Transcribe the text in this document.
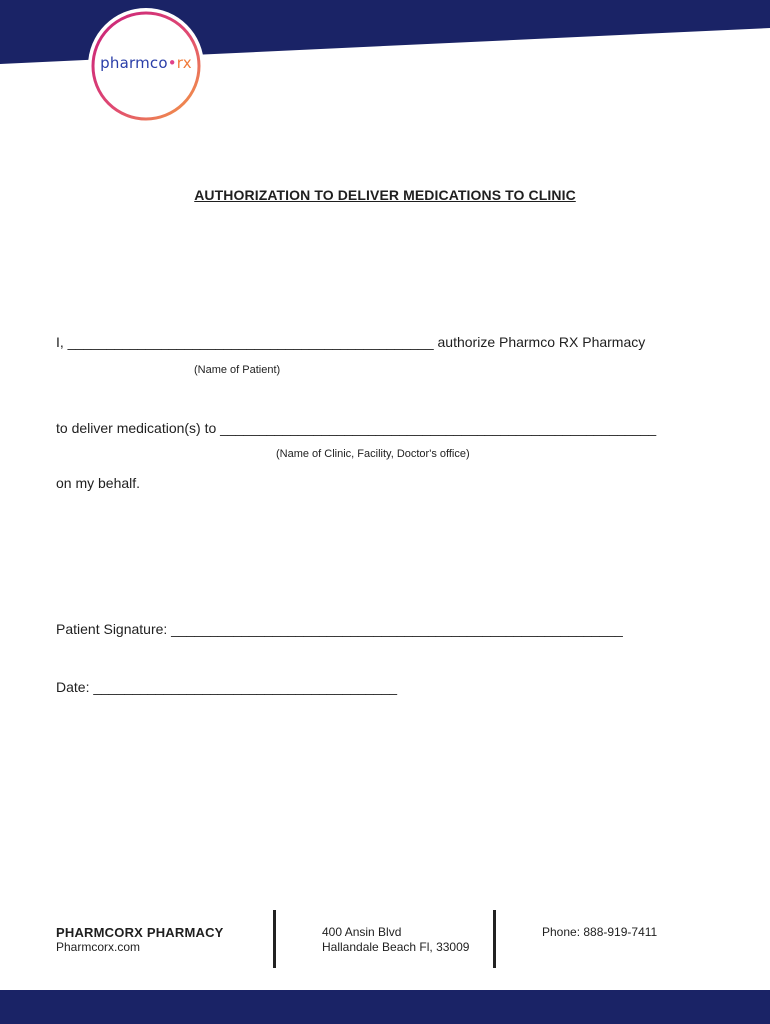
pharmco•rx
AUTHORIZATION TO DELIVER MEDICATIONS TO CLINIC
I, _______________________________________________ authorize Pharmco RX Pharmacy
(Name of Patient)
to deliver medication(s) to ________________________________________________________
(Name of Clinic, Facility, Doctor's office)
on my behalf.
Patient Signature: __________________________________________________________
Date: _______________________________________
PHARMCORX PHARMACY
Pharmcorx.com
400 Ansin Blvd
Hallandale Beach Fl, 33009
Phone: 888-919-7411
